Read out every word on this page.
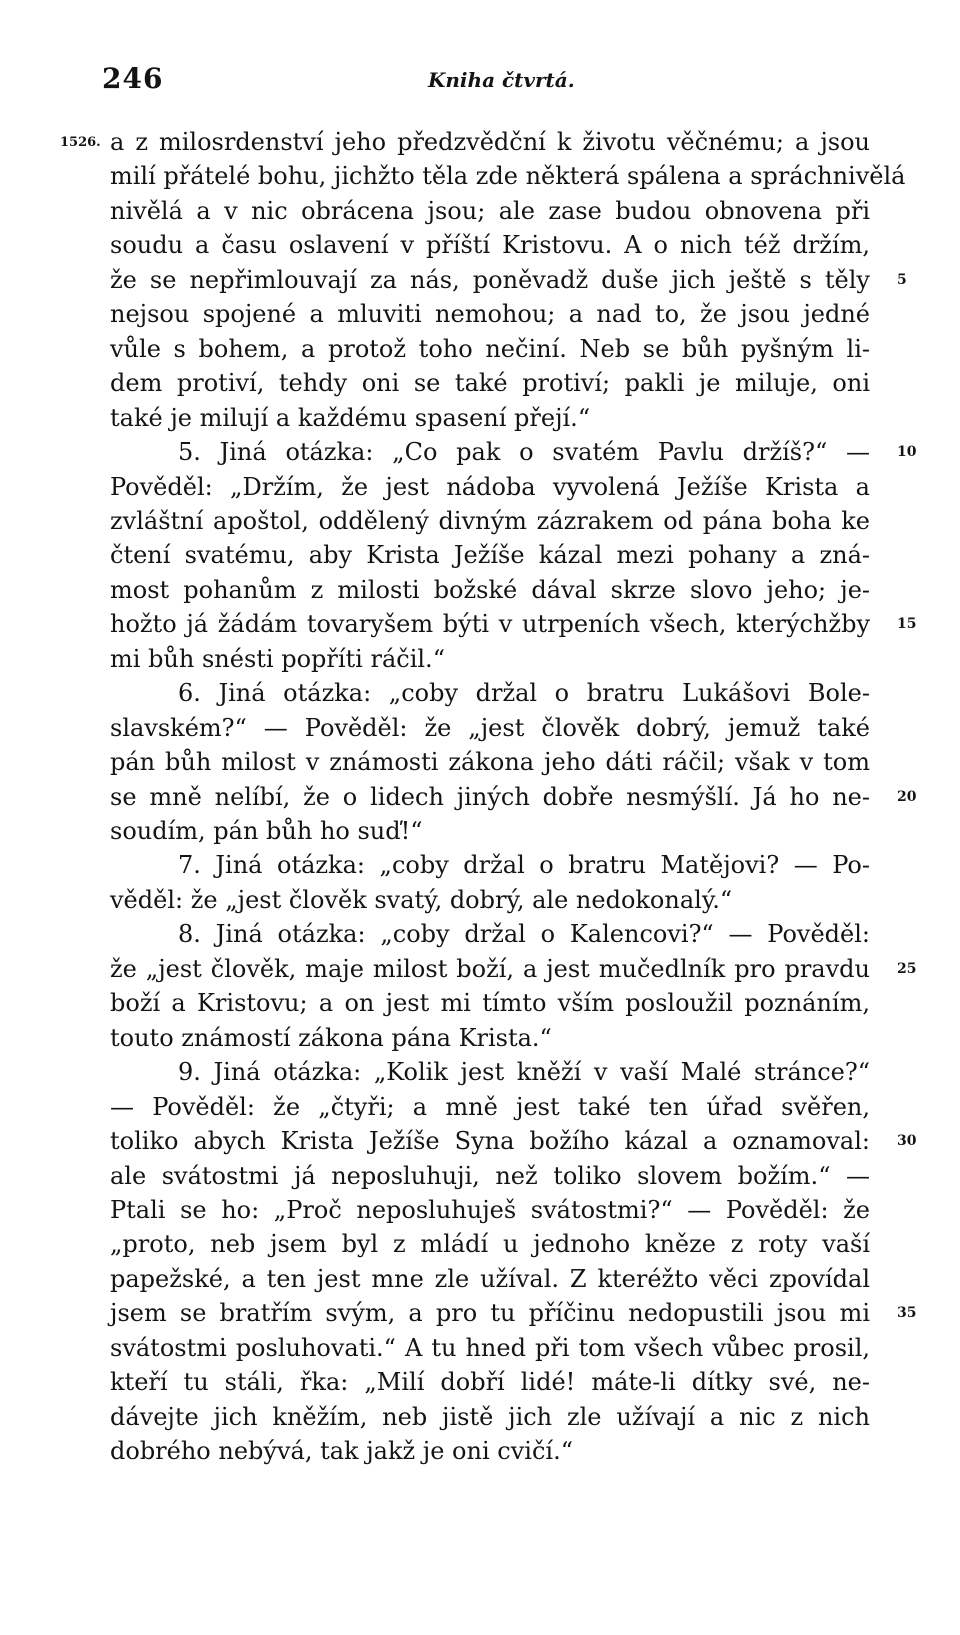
246	Kniha čtvrtá.
1526. a z milosrdenství jeho předzvědční k životu věčnému; a jsou
milí přátelé bohu, jichžto těla zde některá spálena a spráchnivělá
nivělá a v nic obrácena jsou; ale zase budou obnovena při
soudu a času oslavení v příští Kristovu. A o nich též držím,
že se nepřimlouvají za nás, poněvadž duše jich ještě s těly
nejsou spojené a mluviti nemohou; a nad to, že jsou jedné
vůle s bohem, a protož toho nečiní. Neb se bůh pyšným li-
dem protiví, tehdy oni se také protiví; pakli je miluje, oni
také je milují a každému spasení přejí.“
5. Jiná otázka: „Co pak o svatém Pavlu držíš?“ —
Pověděl: „Držím, že jest nádoba vyvolená Ježíše Krista a
zvláštní apoštol, oddělený divným zázrakem od pána boha ke
čtení svatému, aby Krista Ježíše kázal mezi pohany a zná-
most pohanům z milosti božské dával skrze slovo jeho; je-
hožto já žádám tovaryšem býti v utrpeních všech, kterýchžby
mi bůh snésti popříti ráčil.“
6. Jiná otázka: „coby držal o bratru Lukášovi Bole-
slavském?“ — Pověděl: že „jest člověk dobrý, jemuž také
pán bůh milost v známosti zákona jeho dáti ráčil; však v tom
se mně nelíbí, že o lidech jiných dobře nesmýšlí. Já ho ne-
soudím, pán bůh ho suď!“
7. Jiná otázka: „coby držal o bratru Matějovi? — Po-
věděl: že „jest člověk svatý, dobrý, ale nedokonalý.“
8. Jiná otázka: „coby držal o Kalencovi?“ — Pověděl:
že „jest člověk, maje milost boží, a jest mučedlník pro pravdu
boží a Kristovu; a on jest mi tímto vším posloužil poznáním,
touto známostí zákona pána Krista.“
9. Jiná otázka: „Kolik jest kněží v vaší Malé stránce?“
— Pověděl: že „čtyři; a mně jest také ten úřad svěřen,
toliko abych Krista Ježíše Syna božího kázal a oznamoval:
ale svátostmi já neposluhuji, než toliko slovem božím.“ —
Ptali se ho: „Proč neposluhuješ svátostmi?“ — Pověděl: že
„proto, neb jsem byl z mládí u jednoho kněze z roty vaší
papežské, a ten jest mne zle užíval. Z kteréžto věci zpovídal
jsem se bratřím svým, a pro tu příčinu nedopustili jsou mi
svátostmi posluhovati.“ A tu hned při tom všech vůbec prosil,
kteří tu stáli, řka: „Milí dobří lidé! máte-li dítky své, ne-
dávejte jich kněžím, neb jistě jich zle užívají a nic z nich
dobrého nebývá, tak jakž je oni cvičí.“
5
10
15
20
25
30
35
